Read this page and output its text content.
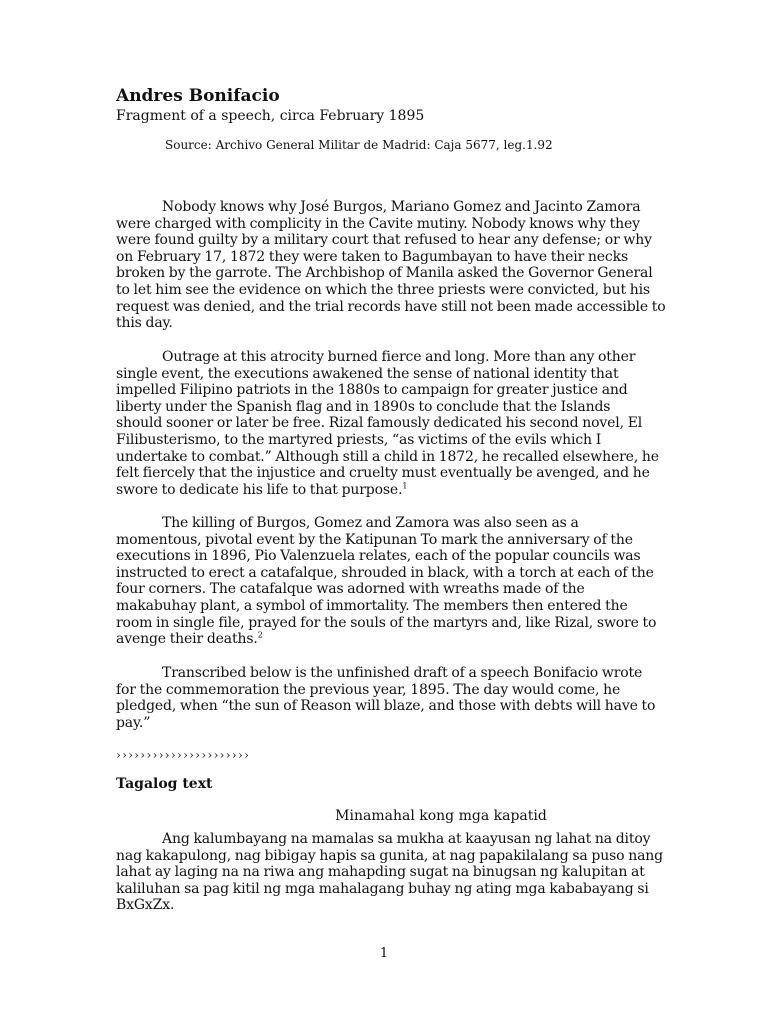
Andres Bonifacio
Fragment of a speech, circa February 1895
Source: Archivo General Militar de Madrid: Caja 5677, leg.1.92
Nobody knows why José Burgos, Mariano Gomez and Jacinto Zamora
were charged with complicity in the Cavite mutiny. Nobody knows why they
were found guilty by a military court that refused to hear any defense; or why
on February 17, 1872 they were taken to Bagumbayan to have their necks
broken by the garrote. The Archbishop of Manila asked the Governor General
to let him see the evidence on which the three priests were convicted, but his
request was denied, and the trial records have still not been made accessible to
this day.
Outrage at this atrocity burned fierce and long. More than any other
single event, the executions awakened the sense of national identity that
impelled Filipino patriots in the 1880s to campaign for greater justice and
liberty under the Spanish flag and in 1890s to conclude that the Islands
should sooner or later be free. Rizal famously dedicated his second novel, El
Filibusterismo, to the martyred priests, “as victims of the evils which I
undertake to combat.” Although still a child in 1872, he recalled elsewhere, he
felt fiercely that the injustice and cruelty must eventually be avenged, and he
swore to dedicate his life to that purpose.$^1$
The killing of Burgos, Gomez and Zamora was also seen as a
momentous, pivotal event by the Katipunan To mark the anniversary of the
executions in 1896, Pio Valenzuela relates, each of the popular councils was
instructed to erect a catafalque, shrouded in black, with a torch at each of the
four corners. The catafalque was adorned with wreaths made of the
makabuhay plant, a symbol of immortality. The members then entered the
room in single file, prayed for the souls of the martyrs and, like Rizal, swore to
avenge their deaths.$^2$
Transcribed below is the unfinished draft of a speech Bonifacio wrote
for the commemoration the previous year, 1895. The day would come, he
pledged, when “the sun of Reason will blaze, and those with debts will have to
pay.”
››››››››››››››››››››››
Tagalog text
Minamahal kong mga kapatid
Ang kalumbayang na mamalas sa mukha at kaayusan ng lahat na ditoy
nag kakapulong, nag bibigay hapis sa gunita, at nag papakilalang sa puso nang
lahat ay laging na na riwa ang mahapding sugat na binugsan ng kalupitan at
kaliluhan sa pag kitil ng mga mahalagang buhay ng ating mga kababayang si
BxGxZx.
1
